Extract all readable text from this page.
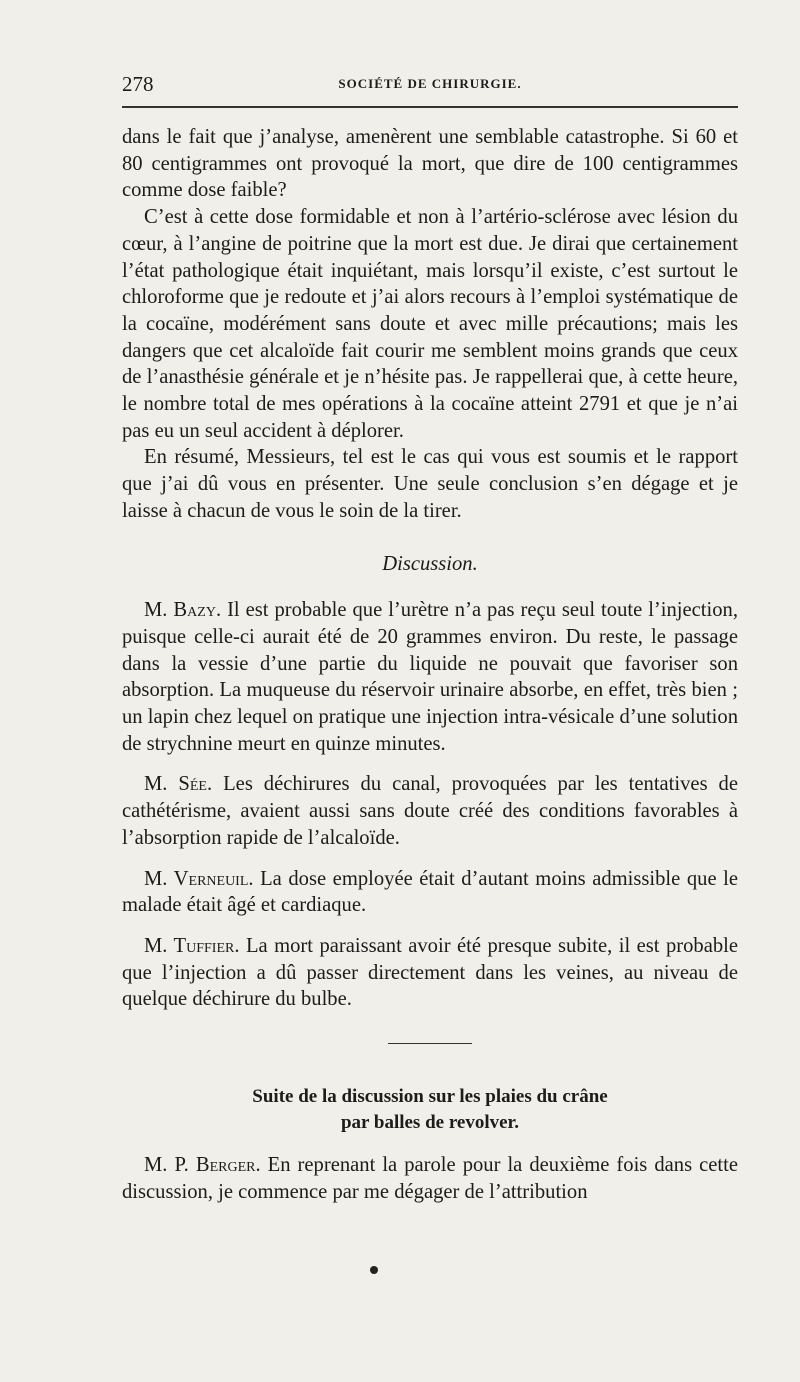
278	SOCIÉTÉ DE CHIRURGIE.

dans le fait que j’analyse, amenèrent une semblable catastrophe. Si 60 et 80 centigrammes ont provoqué la mort, que dire de 100 centigrammes comme dose faible?

C’est à cette dose formidable et non à l’artério-sclérose avec lésion du cœur, à l’angine de poitrine que la mort est due. Je dirai que certainement l’état pathologique était inquiétant, mais lorsqu’il existe, c’est surtout le chloroforme que je redoute et j’ai alors recours à l’emploi systématique de la cocaïne, modérément sans doute et avec mille précautions; mais les dangers que cet alcaloïde fait courir me semblent moins grands que ceux de l’anasthésie générale et je n’hésite pas. Je rappellerai que, à cette heure, le nombre total de mes opérations à la cocaïne atteint 2791 et que je n’ai pas eu un seul accident à déplorer.

En résumé, Messieurs, tel est le cas qui vous est soumis et le rapport que j’ai dû vous en présenter. Une seule conclusion s’en dégage et je laisse à chacun de vous le soin de la tirer.

Discussion.

M. Bazy. Il est probable que l’urètre n’a pas reçu seul toute l’injection, puisque celle-ci aurait été de 20 grammes environ. Du reste, le passage dans la vessie d’une partie du liquide ne pouvait que favoriser son absorption. La muqueuse du réservoir urinaire absorbe, en effet, très bien ; un lapin chez lequel on pratique une injection intra-vésicale d’une solution de strychnine meurt en quinze minutes.

M. Sée. Les déchirures du canal, provoquées par les tentatives de cathétérisme, avaient aussi sans doute créé des conditions favorables à l’absorption rapide de l’alcaloïde.

M. Verneuil. La dose employée était d’autant moins admissible que le malade était âgé et cardiaque.

M. Tuffier. La mort paraissant avoir été presque subite, il est probable que l’injection a dû passer directement dans les veines, au niveau de quelque déchirure du bulbe.

Suite de la discussion sur les plaies du crâne
par balles de revolver.

M. P. Berger. En reprenant la parole pour la deuxième fois dans cette discussion, je commence par me dégager de l’attribution
